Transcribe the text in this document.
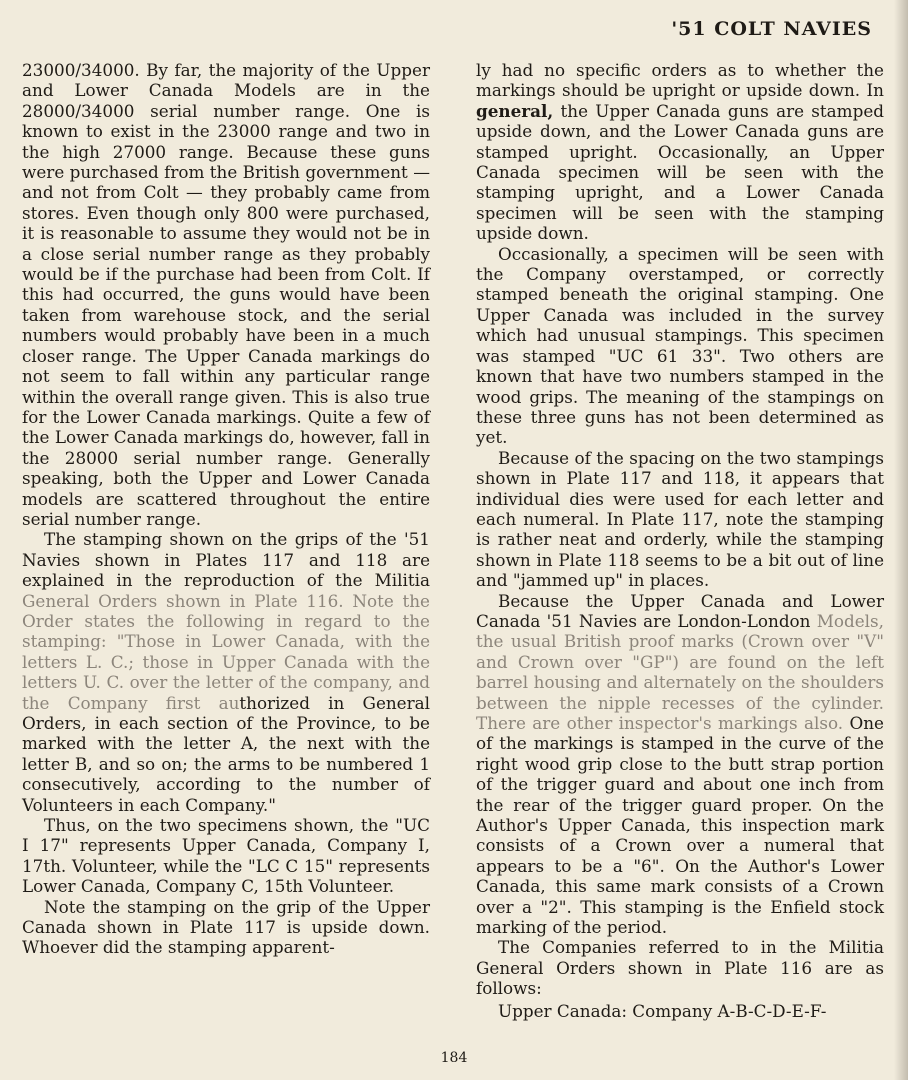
'51 COLT NAVIES

23000/34000. By far, the majority of the Upper and Lower Canada Models are in the 28000/34000 serial number range. One is known to exist in the 23000 range and two in the high 27000 range. Because these guns were purchased from the British government — and not from Colt — they probably came from stores. Even though only 800 were purchased, it is reasonable to assume they would not be in a close serial number range as they probably would be if the purchase had been from Colt. If this had occurred, the guns would have been taken from warehouse stock, and the serial numbers would probably have been in a much closer range. The Upper Canada markings do not seem to fall within any particular range within the overall range given. This is also true for the Lower Canada markings. Quite a few of the Lower Canada markings do, however, fall in the 28000 serial number range. Generally speaking, both the Upper and Lower Canada models are scattered throughout the entire serial number range.

The stamping shown on the grips of the '51 Navies shown in Plates 117 and 118 are explained in the reproduction of the Militia General Orders shown in Plate 116. Note the Order states the following in regard to the stamping: "Those in Lower Canada, with the letters L. C.; those in Upper Canada with the letters U. C. over the letter of the company, and the Company first authorized in General Orders, in each section of the Province, to be marked with the letter A, the next with the letter B, and so on; the arms to be numbered 1 consecutively, according to the number of Volunteers in each Company."

Thus, on the two specimens shown, the "UC I 17" represents Upper Canada, Company I, 17th. Volunteer, while the "LC C 15" represents Lower Canada, Company C, 15th Volunteer.

Note the stamping on the grip of the Upper Canada shown in Plate 117 is upside down. Whoever did the stamping apparent-

ly had no specific orders as to whether the markings should be upright or upside down. In general, the Upper Canada guns are stamped upside down, and the Lower Canada guns are stamped upright. Occasionally, an Upper Canada specimen will be seen with the stamping upright, and a Lower Canada specimen will be seen with the stamping upside down.

Occasionally, a specimen will be seen with the Company overstamped, or correctly stamped beneath the original stamping. One Upper Canada was included in the survey which had unusual stampings. This specimen was stamped "UC 61 33". Two others are known that have two numbers stamped in the wood grips. The meaning of the stampings on these three guns has not been determined as yet.

Because of the spacing on the two stampings shown in Plate 117 and 118, it appears that individual dies were used for each letter and each numeral. In Plate 117, note the stamping is rather neat and orderly, while the stamping shown in Plate 118 seems to be a bit out of line and "jammed up" in places.

Because the Upper Canada and Lower Canada '51 Navies are London-London Models, the usual British proof marks (Crown over "V" and Crown over "GP") are found on the left barrel housing and alternately on the shoulders between the nipple recesses of the cylinder. There are other inspector's markings also. One of the markings is stamped in the curve of the right wood grip close to the butt strap portion of the trigger guard and about one inch from the rear of the trigger guard proper. On the Author's Upper Canada, this inspection mark consists of a Crown over a numeral that appears to be a "6". On the Author's Lower Canada, this same mark consists of a Crown over a "2". This stamping is the Enfield stock marking of the period.

The Companies referred to in the Militia General Orders shown in Plate 116 are as follows:

Upper Canada: Company A-B-C-D-E-F-

184
